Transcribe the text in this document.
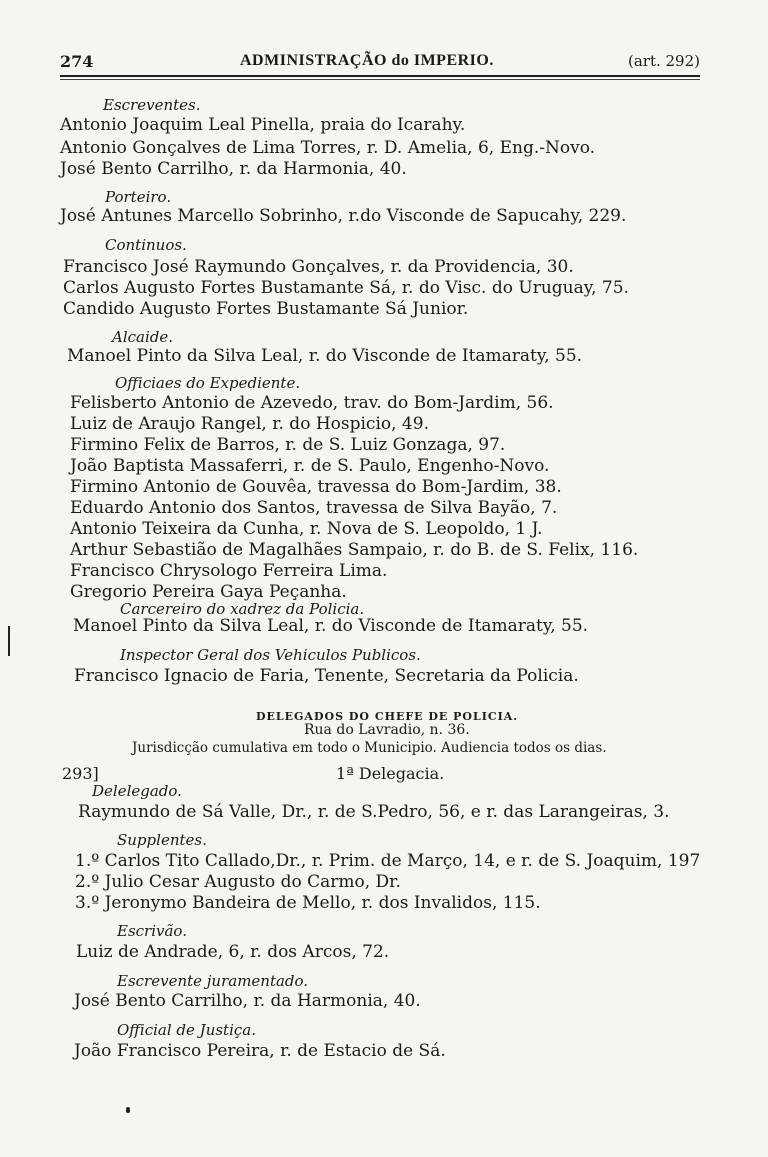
274	ADMINISTRAÇÃO do IMPERIO.	(art. 292)
Escreventes.
Antonio Joaquim Leal Pinella, praia do Icarahy.
Antonio Gonçalves de Lima Torres, r. D. Amelia, 6, Eng.-Novo.
José Bento Carrilho, r. da Harmonia, 40.
Porteiro.
José Antunes Marcello Sobrinho, r.do Visconde de Sapucahy, 229.
Continuos.
Francisco José Raymundo Gonçalves, r. da Providencia, 30.
Carlos Augusto Fortes Bustamante Sá, r. do Visc. do Uruguay, 75.
Candido Augusto Fortes Bustamante Sá Junior.
Alcaide.
Manoel Pinto da Silva Leal, r. do Visconde de Itamaraty, 55.
Officiaes do Expediente.
Felisberto Antonio de Azevedo, trav. do Bom-Jardim, 56.
Luiz de Araujo Rangel, r. do Hospicio, 49.
Firmino Felix de Barros, r. de S. Luiz Gonzaga, 97.
João Baptista Massaferri, r. de S. Paulo, Engenho-Novo.
Firmino Antonio de Gouvêa, travessa do Bom-Jardim, 38.
Eduardo Antonio dos Santos, travessa de Silva Bayão, 7.
Antonio Teixeira da Cunha, r. Nova de S. Leopoldo, 1 J.
Arthur Sebastião de Magalhães Sampaio, r. do B. de S. Felix, 116.
Francisco Chrysologo Ferreira Lima.
Gregorio Pereira Gaya Peçanha.
Carcereiro do xadrez da Policia.
Manoel Pinto da Silva Leal, r. do Visconde de Itamaraty, 55.
Inspector Geral dos Vehiculos Publicos.
Francisco Ignacio de Faria, Tenente, Secretaria da Policia.
DELEGADOS DO CHEFE DE POLICIA.
Rua do Lavradio, n. 36.
Jurisdicção cumulativa em todo o Municipio. Audiencia todos os dias.
293]	1ª Delegacia.
Delelegado.
Raymundo de Sá Valle, Dr., r. de S.Pedro, 56, e r. das Larangeiras, 3.
Supplentes.
1.º Carlos Tito Callado,Dr., r. Prim. de Março, 14, e r. de S. Joaquim, 197
2.º Julio Cesar Augusto do Carmo, Dr.
3.º Jeronymo Bandeira de Mello, r. dos Invalidos, 115.
Escrivão.
Luiz de Andrade, 6, r. dos Arcos, 72.
Escrevente juramentado.
José Bento Carrilho, r. da Harmonia, 40.
Official de Justiça.
João Francisco Pereira, r. de Estacio de Sá.
